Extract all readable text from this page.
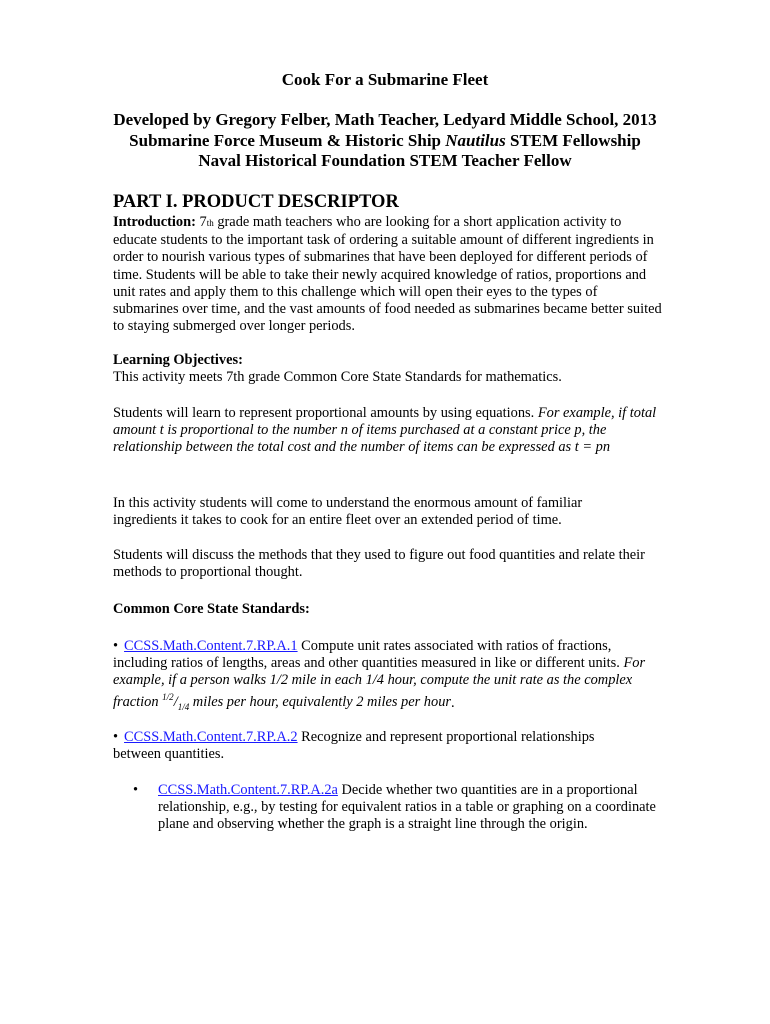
Cook For a Submarine Fleet

Developed by Gregory Felber, Math Teacher, Ledyard Middle School, 2013
Submarine Force Museum & Historic Ship Nautilus STEM Fellowship
Naval Historical Foundation STEM Teacher Fellow

PART I. PRODUCT DESCRIPTOR

Introduction: 7th grade math teachers who are looking for a short application activity to educate students to the important task of ordering a suitable amount of different ingredients in order to nourish various types of submarines that have been deployed for different periods of time. Students will be able to take their newly acquired knowledge of ratios, proportions and unit rates and apply them to this challenge which will open their eyes to the types of submarines over time, and the vast amounts of food needed as submarines became better suited to staying submerged over longer periods.

Learning Objectives:
This activity meets 7th grade Common Core State Standards for mathematics.

Students will learn to represent proportional amounts by using equations. For example, if total amount t is proportional to the number n of items purchased at a constant price p, the relationship between the total cost and the number of items can be expressed as t = pn

In this activity students will come to understand the enormous amount of familiar ingredients it takes to cook for an entire fleet over an extended period of time.

Students will discuss the methods that they used to figure out food quantities and relate their methods to proportional thought.

Common Core State Standards:

• CCSS.Math.Content.7.RP.A.1 Compute unit rates associated with ratios of fractions, including ratios of lengths, areas and other quantities measured in like or different units. For example, if a person walks 1/2 mile in each 1/4 hour, compute the unit rate as the complex fraction $^{1/2}/_{1/4}$ miles per hour, equivalently 2 miles per hour.

• CCSS.Math.Content.7.RP.A.2 Recognize and represent proportional relationships between quantities.

•	CCSS.Math.Content.7.RP.A.2a Decide whether two quantities are in a proportional relationship, e.g., by testing for equivalent ratios in a table or graphing on a coordinate plane and observing whether the graph is a straight line through the origin.
